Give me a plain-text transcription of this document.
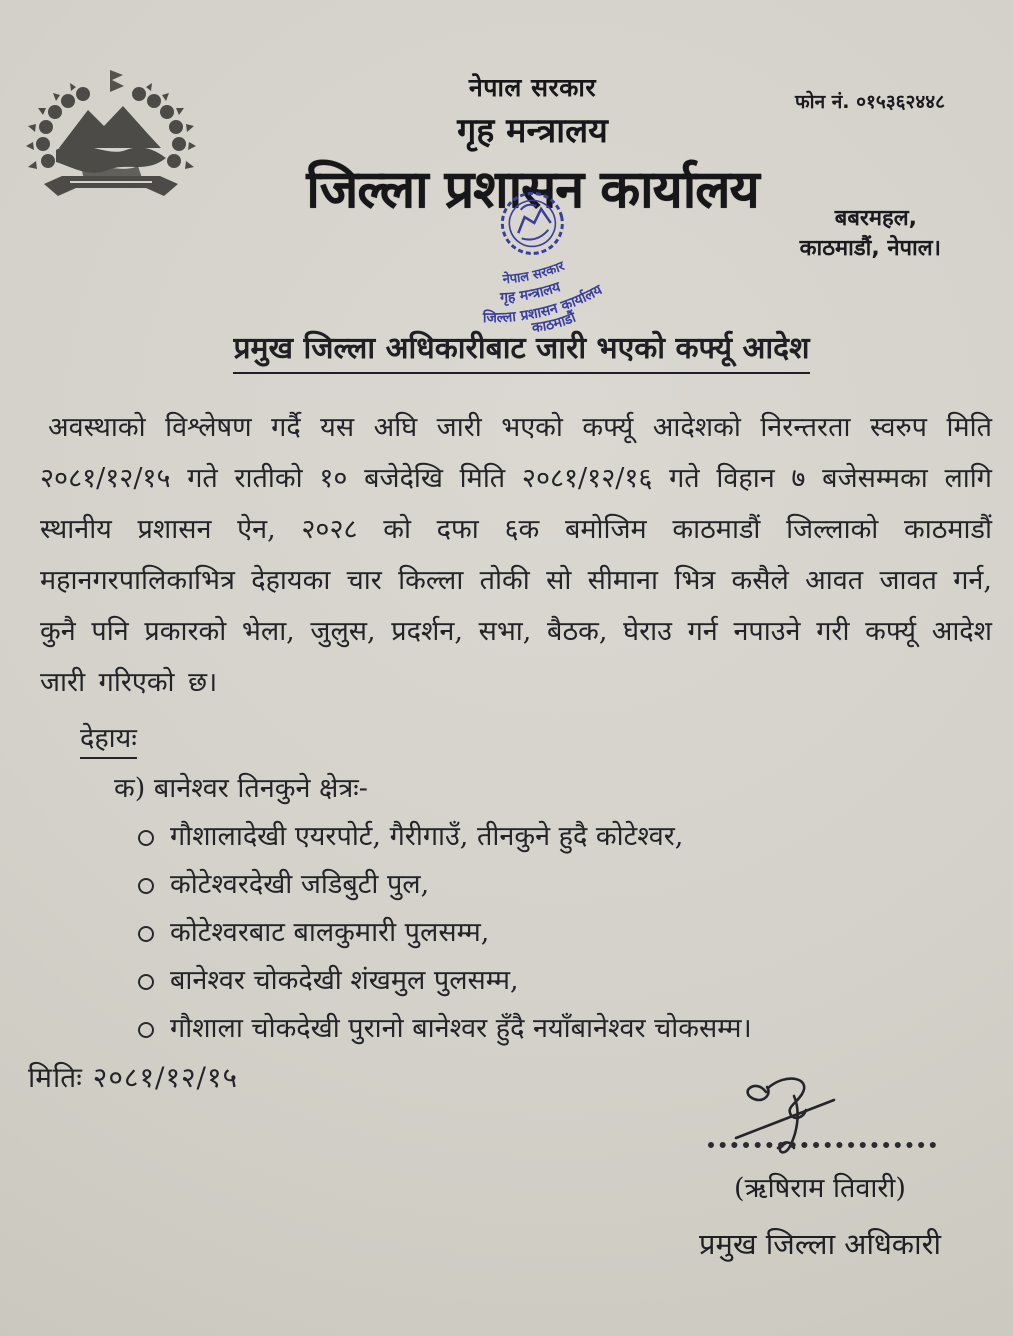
नेपाल सरकार
गृह मन्त्रालय
जिल्ला प्रशासन कार्यालय
फोन नं. ०१५३६२४४८
नेपाल सरकार
गृह मन्त्रालय
जिल्ला प्रशासन कार्यालय
काठमाडौं
बबरमहल,
काठमाडौं, नेपाल।
प्रमुख जिल्ला अधिकारीबाट जारी भएको कर्फ्यू आदेश
अवस्थाको विश्लेषण गर्दै यस अघि जारी भएको कर्फ्यू आदेशको निरन्तरता स्वरुप मिति २०८१/१२/१५ गते रातीको १० बजेदेखि मिति २०८१/१२/१६ गते विहान ७ बजेसम्मका लागि स्थानीय प्रशासन ऐन, २०२८ को दफा ६क बमोजिम काठमाडौं जिल्लाको काठमाडौं महानगरपालिकाभित्र देहायका चार किल्ला तोकी सो सीमाना भित्र कसैले आवत जावत गर्न, कुनै पनि प्रकारको भेला, जुलुस, प्रदर्शन, सभा, बैठक, घेराउ गर्न नपाउने गरी कर्फ्यू आदेश जारी गरिएको छ।
देहायः
क) बानेश्वर तिनकुने क्षेत्रः-
गौशालादेखी एयरपोर्ट, गैरीगाउँ, तीनकुने हुदै कोटेश्वर,
कोटेश्वरदेखी जडिबुटी पुल,
कोटेश्वरबाट बालकुमारी पुलसम्म,
बानेश्वर चोकदेखी शंखमुल पुलसम्म,
गौशाला चोकदेखी पुरानो बानेश्वर हुँदै नयाँबानेश्वर चोकसम्म।
मितिः २०८१/१२/१५
(ऋषिराम तिवारी)
प्रमुख जिल्ला अधिकारी
